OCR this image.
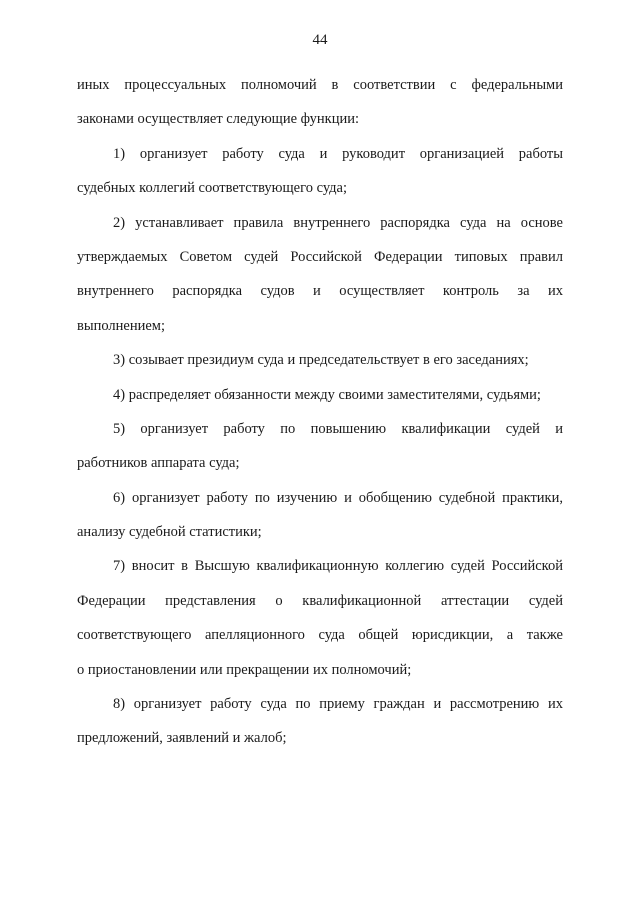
44
иных процессуальных полномочий в соответствии с федеральными
законами осуществляет следующие функции:
1) организует работу суда и руководит организацией работы
судебных коллегий соответствующего суда;
2) устанавливает правила внутреннего распорядка суда на основе
утверждаемых Советом судей Российской Федерации типовых правил
внутреннего распорядка судов и осуществляет контроль за их
выполнением;
3) созывает президиум суда и председательствует в его заседаниях;
4) распределяет обязанности между своими заместителями, судьями;
5) организует работу по повышению квалификации судей и
работников аппарата суда;
6) организует работу по изучению и обобщению судебной практики,
анализу судебной статистики;
7) вносит в Высшую квалификационную коллегию судей Российской
Федерации представления о квалификационной аттестации судей
соответствующего апелляционного суда общей юрисдикции, а также
о приостановлении или прекращении их полномочий;
8) организует работу суда по приему граждан и рассмотрению их
предложений, заявлений и жалоб;
